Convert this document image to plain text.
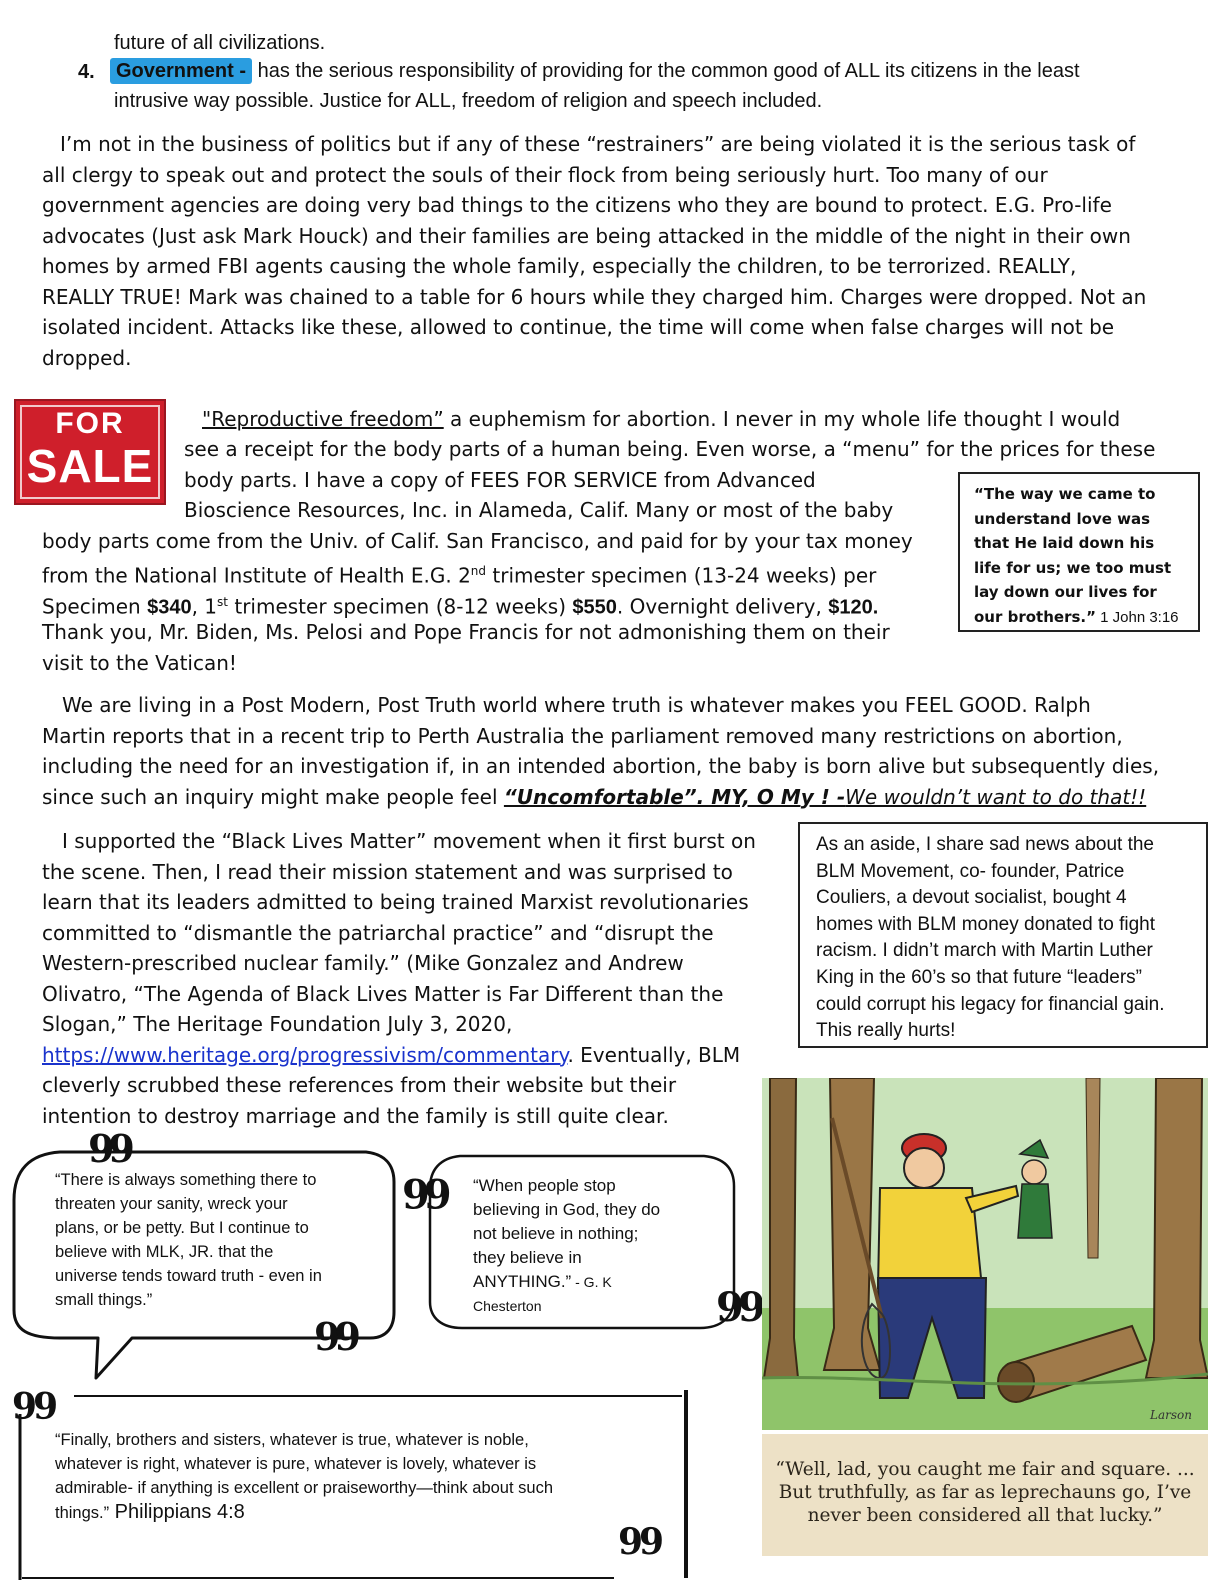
future of all civilizations.
4.	Government - has the serious responsibility of providing for the common good of ALL its citizens in the least
intrusive way possible. Justice for ALL, freedom of religion and speech included.
I’m not in the business of politics but if any of these “restrainers” are being violated it is the serious task of
all clergy to speak out and protect the souls of their flock from being seriously hurt. Too many of our
government agencies are doing very bad things to the citizens who they are bound to protect. E.G. Pro-life
advocates (Just ask Mark Houck) and their families are being attacked in the middle of the night in their own
homes by armed FBI agents causing the whole family, especially the children, to be terrorized. REALLY,
REALLY TRUE! Mark was chained to a table for 6 hours while they charged him. Charges were dropped. Not an
isolated incident. Attacks like these, allowed to continue, the time will come when false charges will not be
dropped.
FOR
SALE
"Reproductive freedom” a euphemism for abortion. I never in my whole life thought I would
see a receipt for the body parts of a human being. Even worse, a “menu” for the prices for these
body parts. I have a copy of FEES FOR SERVICE from Advanced
Bioscience Resources, Inc. in Alameda, Calif. Many or most of the baby
body parts come from the Univ. of Calif. San Francisco, and paid for by your tax money
from the National Institute of Health E.G. 2nd trimester specimen (13-24 weeks) per
Specimen $340, 1st trimester specimen (8-12 weeks) $550. Overnight delivery, $120.
Thank you, Mr. Biden, Ms. Pelosi and Pope Francis for not admonishing them on their
visit to the Vatican!
“The way we came to
understand love was
that He laid down his
life for us; we too must
lay down our lives for
our brothers.” 1 John 3:16
We are living in a Post Modern, Post Truth world where truth is whatever makes you FEEL GOOD. Ralph
Martin reports that in a recent trip to Perth Australia the parliament removed many restrictions on abortion,
including the need for an investigation if, in an intended abortion, the baby is born alive but subsequently dies,
since such an inquiry might make people feel “Uncomfortable”. MY, O My ! -We wouldn’t want to do that!!
I supported the “Black Lives Matter” movement when it first burst on
the scene. Then, I read their mission statement and was surprised to
learn that its leaders admitted to being trained Marxist revolutionaries
committed to “dismantle the patriarchal practice” and “disrupt the
Western-prescribed nuclear family.” (Mike Gonzalez and Andrew
Olivatro, “The Agenda of Black Lives Matter is Far Different than the
Slogan,” The Heritage Foundation July 3, 2020,
https://www.heritage.org/progressivism/commentary. Eventually, BLM
cleverly scrubbed these references from their website but their
intention to destroy marriage and the family is still quite clear.
As an aside, I share sad news about the
BLM Movement, co- founder, Patrice
Couliers, a devout socialist, bought 4
homes with BLM money donated to fight
racism. I didn’t march with Martin Luther
King in the 60’s so that future “leaders”
could corrupt his legacy for financial gain.
This really hurts!
66
99
66
99
66
99
“There is always something there to
threaten your sanity, wreck your
plans, or be petty. But I continue to
believe with MLK, JR. that the
universe tends toward truth - even in
small things.”
“When people stop
believing in God, they do
not believe in nothing;
they believe in
ANYTHING.” - G. K
Chesterton
“Finally, brothers and sisters, whatever is true, whatever is noble,
whatever is right, whatever is pure, whatever is lovely, whatever is
admirable- if anything is excellent or praiseworthy—think about such
things.” Philippians 4:8
Larson
“Well, lad, you caught me fair and square. ...
But truthfully, as far as leprechauns go, I’ve
never been considered all that lucky.”
